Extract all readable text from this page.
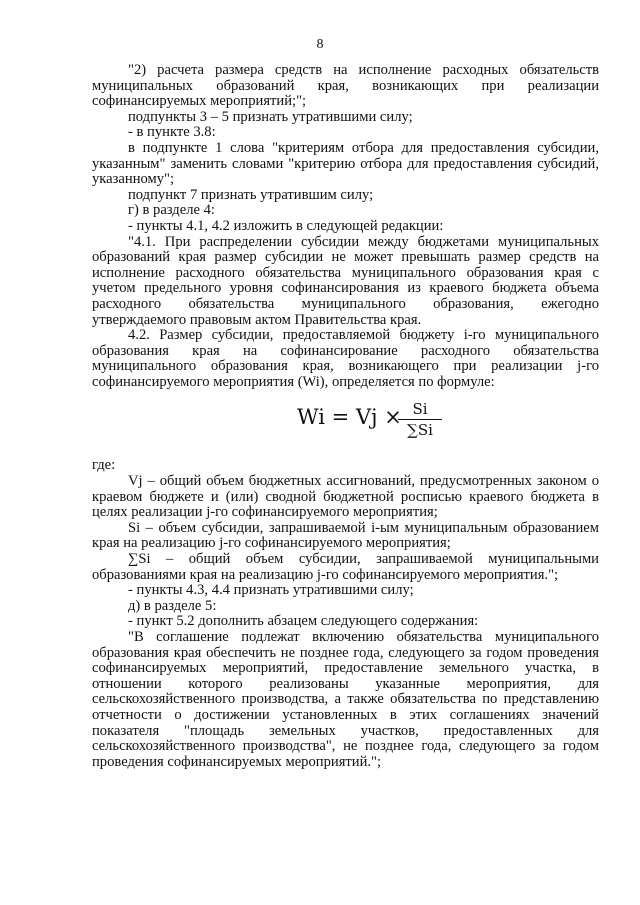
8

"2) расчета размера средств на исполнение расходных обязательств муниципальных образований края, возникающих при реализации софинансируемых мероприятий;";

подпункты 3 – 5 признать утратившими силу;

- в пункте 3.8:

в подпункте 1 слова "критериям отбора для предоставления субсидии, указанным" заменить словами "критерию отбора для предоставления субсидий, указанному";

подпункт 7 признать утратившим силу;

г) в разделе 4:

- пункты 4.1, 4.2 изложить в следующей редакции:

"4.1. При распределении субсидии между бюджетами муниципальных образований края размер субсидии не может превышать размер средств на исполнение расходного обязательства муниципального образования края с учетом предельного уровня софинансирования из краевого бюджета объема расходного обязательства муниципального образования, ежегодно утверждаемого правовым актом Правительства края.

4.2. Размер субсидии, предоставляемой бюджету i-го муниципального образования края на софинансирование расходного обязательства муниципального образования края, возникающего при реализации j-го софинансируемого мероприятия (Wi), определяется по формуле:

Wi = Vj × Si
∑Si

где:

Vj – общий объем бюджетных ассигнований, предусмотренных законом о краевом бюджете и (или) сводной бюджетной росписью краевого бюджета в целях реализации j-го софинансируемого мероприятия;

Si – объем субсидии, запрашиваемой i-ым муниципальным образованием края на реализацию j-го софинансируемого мероприятия;

∑Si – общий объем субсидии, запрашиваемой муниципальными образованиями края на реализацию j-го софинансируемого мероприятия.";

- пункты 4.3, 4.4 признать утратившими силу;

д) в разделе 5:

- пункт 5.2 дополнить абзацем следующего содержания:

"В соглашение подлежат включению обязательства муниципального образования края обеспечить не позднее года, следующего за годом проведения софинансируемых мероприятий, предоставление земельного участка, в отношении которого реализованы указанные мероприятия, для сельскохозяйственного производства, а также обязательства по представлению отчетности о достижении установленных в этих соглашениях значений показателя "площадь земельных участков, предоставленных для сельскохозяйственного производства", не позднее года, следующего за годом проведения софинансируемых мероприятий.";
